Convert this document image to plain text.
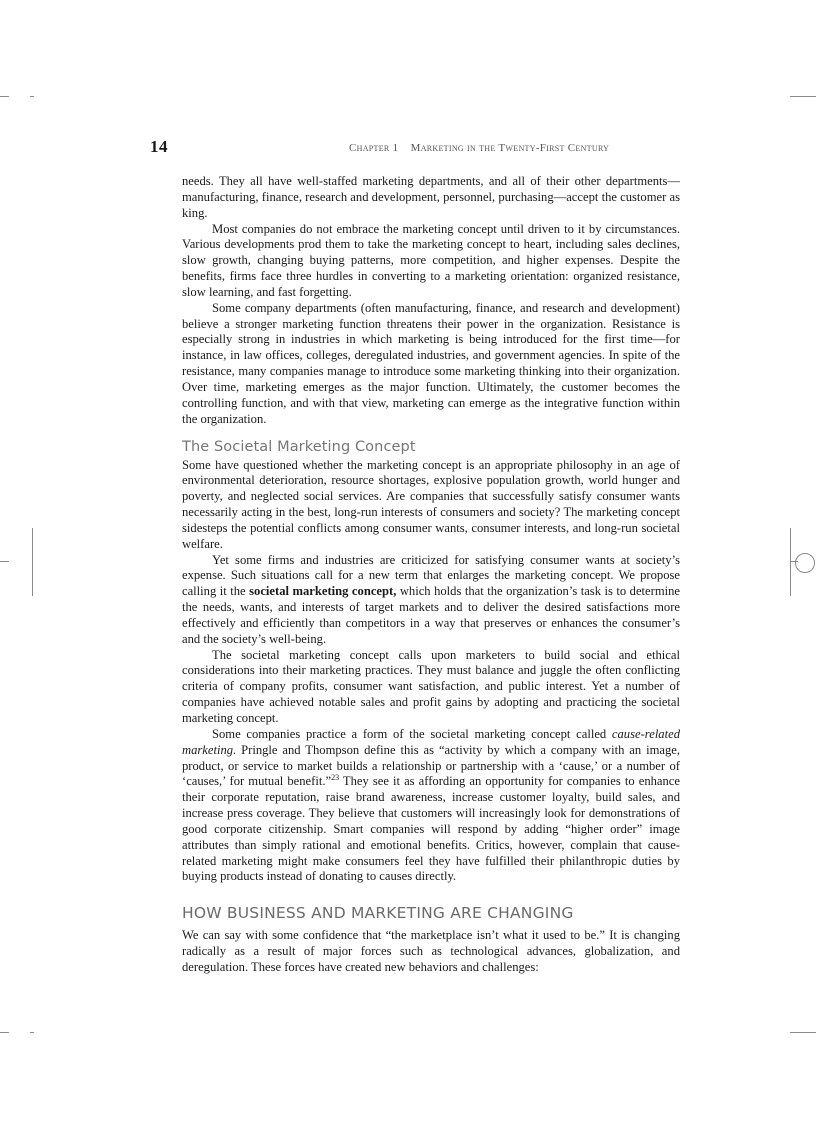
14	Chapter 1 Marketing in the Twenty-First Century

needs. They all have well-staffed marketing departments, and all of their other departments—manufacturing, finance, research and development, personnel, purchasing—accept the customer as king.

Most companies do not embrace the marketing concept until driven to it by circumstances. Various developments prod them to take the marketing concept to heart, including sales declines, slow growth, changing buying patterns, more competition, and higher expenses. Despite the benefits, firms face three hurdles in converting to a marketing orientation: organized resistance, slow learning, and fast forgetting.

Some company departments (often manufacturing, finance, and research and development) believe a stronger marketing function threatens their power in the organization. Resistance is especially strong in industries in which marketing is being introduced for the first time—for instance, in law offices, colleges, deregulated industries, and government agencies. In spite of the resistance, many companies manage to introduce some marketing thinking into their organization. Over time, marketing emerges as the major function. Ultimately, the customer becomes the controlling function, and with that view, marketing can emerge as the integrative function within the organization.

The Societal Marketing Concept

Some have questioned whether the marketing concept is an appropriate philosophy in an age of environmental deterioration, resource shortages, explosive population growth, world hunger and poverty, and neglected social services. Are companies that successfully satisfy consumer wants necessarily acting in the best, long-run interests of consumers and society? The marketing concept sidesteps the potential conflicts among consumer wants, consumer interests, and long-run societal welfare.

Yet some firms and industries are criticized for satisfying consumer wants at society’s expense. Such situations call for a new term that enlarges the marketing concept. We propose calling it the societal marketing concept, which holds that the organization’s task is to determine the needs, wants, and interests of target markets and to deliver the desired satisfactions more effectively and efficiently than competitors in a way that preserves or enhances the consumer’s and the society’s well-being.

The societal marketing concept calls upon marketers to build social and ethical considerations into their marketing practices. They must balance and juggle the often conflicting criteria of company profits, consumer want satisfaction, and public interest. Yet a number of companies have achieved notable sales and profit gains by adopting and practicing the societal marketing concept.

Some companies practice a form of the societal marketing concept called cause-related marketing. Pringle and Thompson define this as “activity by which a company with an image, product, or service to market builds a relationship or partnership with a ‘cause,’ or a number of ‘causes,’ for mutual benefit.”$^{23}$ They see it as affording an opportunity for companies to enhance their corporate reputation, raise brand awareness, increase customer loyalty, build sales, and increase press coverage. They believe that customers will increasingly look for demonstrations of good corporate citizenship. Smart companies will respond by adding “higher order” image attributes than simply rational and emotional benefits. Critics, however, complain that cause-related marketing might make consumers feel they have fulfilled their philanthropic duties by buying products instead of donating to causes directly.

HOW BUSINESS AND MARKETING ARE CHANGING

We can say with some confidence that “the marketplace isn’t what it used to be.” It is changing radically as a result of major forces such as technological advances, globalization, and deregulation. These forces have created new behaviors and challenges:
